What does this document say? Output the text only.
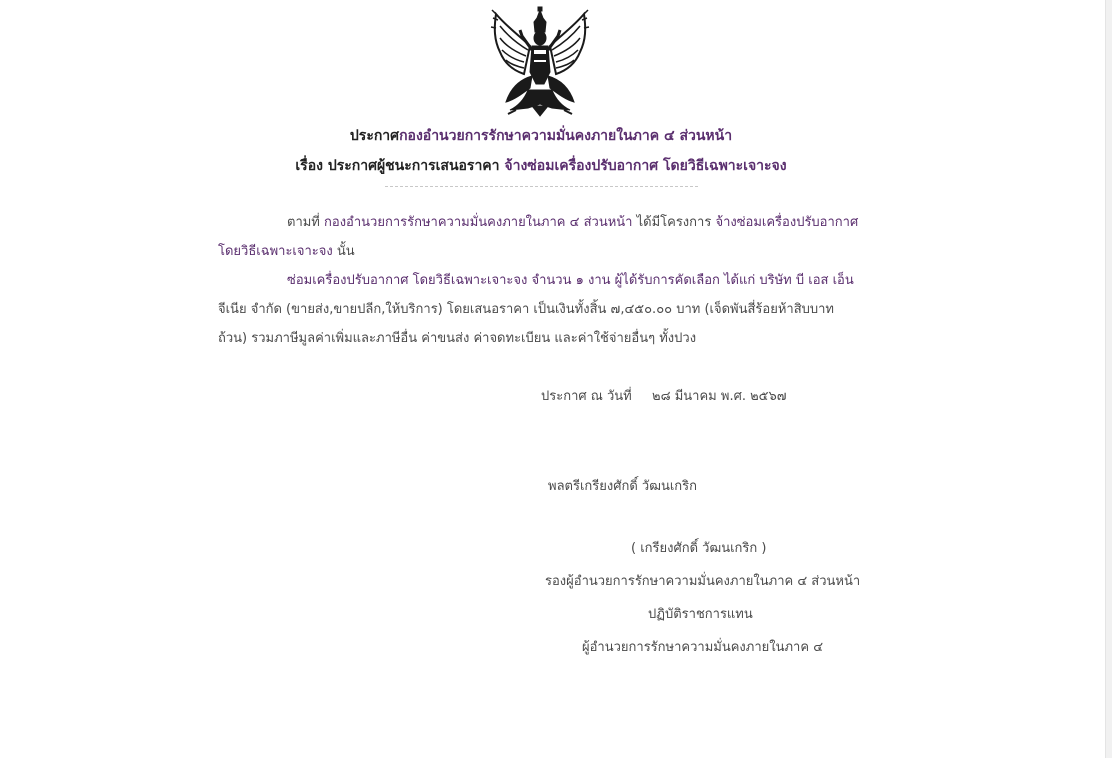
ประกาศกองอำนวยการรักษาความมั่นคงภายในภาค ๔ ส่วนหน้า
เรื่อง ประกาศผู้ชนะการเสนอราคา จ้างซ่อมเครื่องปรับอากาศ โดยวิธีเฉพาะเจาะจง
ตามที่ กองอำนวยการรักษาความมั่นคงภายในภาค ๔ ส่วนหน้า ได้มีโครงการ จ้างซ่อมเครื่องปรับอากาศ
โดยวิธีเฉพาะเจาะจง นั้น
ซ่อมเครื่องปรับอากาศ โดยวิธีเฉพาะเจาะจง จำนวน ๑ งาน ผู้ได้รับการคัดเลือก ได้แก่ บริษัท บี เอส เอ็น
จีเนีย จำกัด (ขายส่ง,ขายปลีก,ให้บริการ) โดยเสนอราคา เป็นเงินทั้งสิ้น ๗,๔๕๐.๐๐ บาท (เจ็ดพันสี่ร้อยห้าสิบบาท
ถ้วน) รวมภาษีมูลค่าเพิ่มและภาษีอื่น ค่าขนส่ง ค่าจดทะเบียน และค่าใช้จ่ายอื่นๆ ทั้งปวง
ประกาศ ณ วันที่ ๒๘ มีนาคม พ.ศ. ๒๕๖๗
พลตรีเกรียงศักดิ์ วัฒนเกริก
( เกรียงศักดิ์ วัฒนเกริก )
รองผู้อำนวยการรักษาความมั่นคงภายในภาค ๔ ส่วนหน้า
ปฏิบัติราชการแทน
ผู้อำนวยการรักษาความมั่นคงภายในภาค ๔
